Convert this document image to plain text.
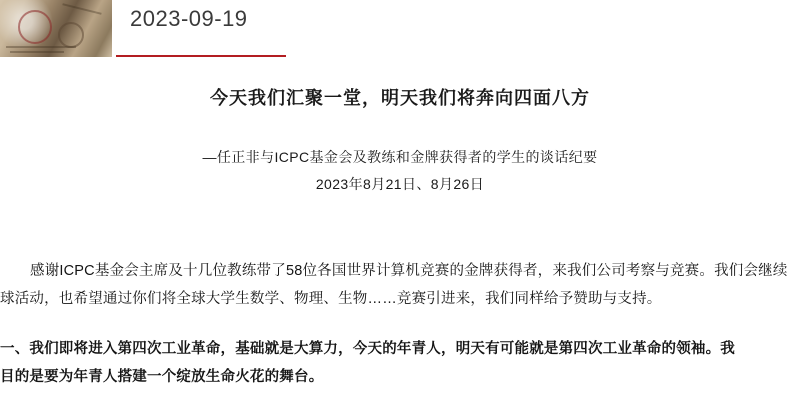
2023-09-19
今天我们汇聚一堂，明天我们将奔向四面八方
—任正非与ICPC基金会及教练和金牌获得者的学生的谈话纪要
2023年8月21日、8月26日
感谢ICPC基金会主席及十几位教练带了58位各国世界计算机竞赛的金牌获得者，来我们公司考察与竞赛。我们会继续
球活动，也希望通过你们将全球大学生数学、物理、生物……竞赛引进来，我们同样给予赞助与支持。
一、我们即将进入第四次工业革命，基础就是大算力，今天的年青人，明天有可能就是第四次工业革命的领袖。我
目的是要为年青人搭建一个绽放生命火花的舞台。
